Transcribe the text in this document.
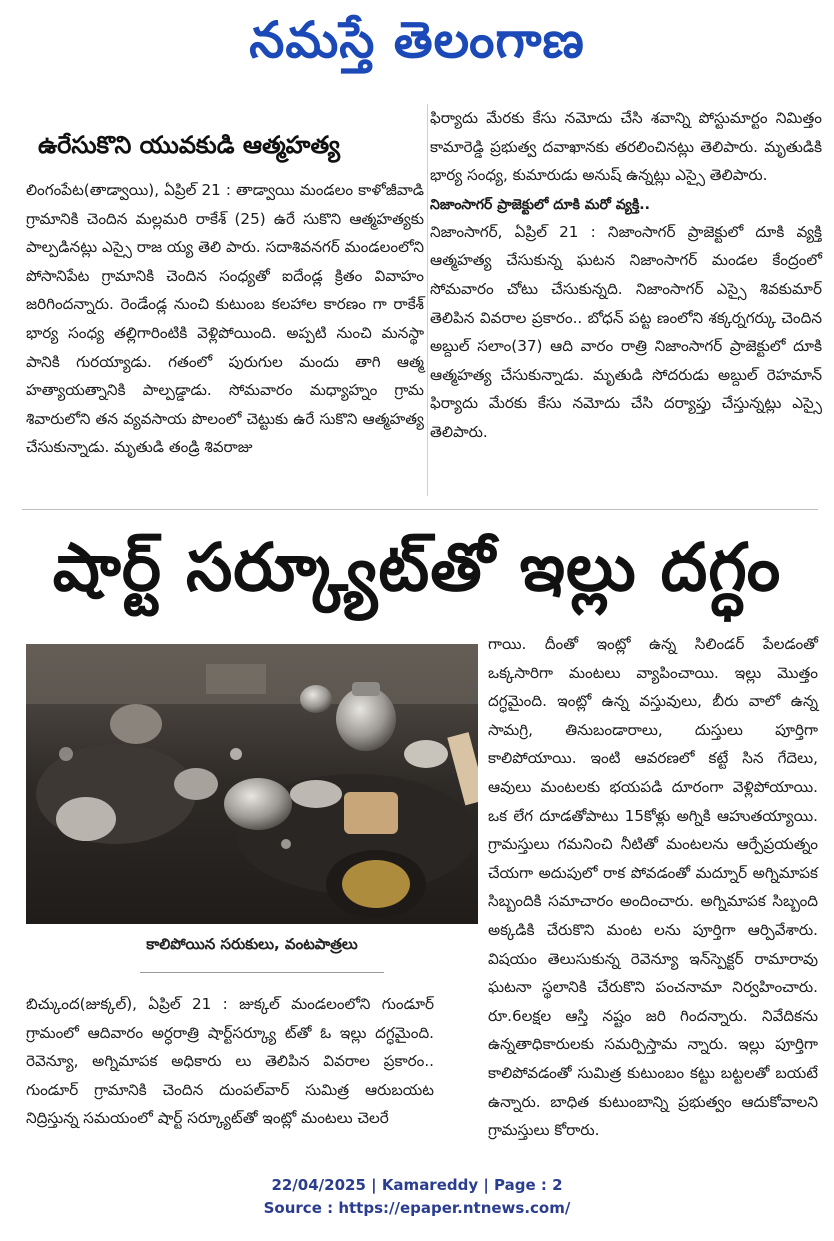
నమస్తే తెలంగాణ
ఉరేసుకొని యువకుడి ఆత్మహత్య

లింగంపేట(తాడ్వాయి), ఏప్రిల్ 21 : తాడ్వాయి మండలం కాళోజీవాడి గ్రామానికి చెందిన మల్లమరి రాకేశ్ (25) ఉరే సుకొని ఆత్మహత్యకు పాల్పడినట్లు ఎస్సై రాజ య్య తెలి పారు. సదాశివనగర్ మండలంలోని పోసానిపేట గ్రామానికి చెందిన సంధ్యతో ఐదేండ్ల క్రితం వివాహం జరిగిందన్నారు. రెండేండ్ల నుంచి కుటుంబ కలహాల కారణం గా రాకేశ్ భార్య సంధ్య తల్లిగారింటికి వెళ్లిపోయింది. అప్పటి నుంచి మనస్థా పానికి గురయ్యాడు. గతంలో పురుగుల మందు తాగి ఆత్మ హత్యాయత్నానికి పాల్పడ్డాడు. సోమవారం మధ్యాహ్నం గ్రామ శివారులోని తన వ్యవసాయ పొలంలో చెట్టుకు ఉరే సుకొని ఆత్మహత్య చేసుకున్నాడు. మృతుడి తండ్రి శివరాజు

ఫిర్యాదు మేరకు కేసు నమోదు చేసి శవాన్ని పోస్టుమార్టం నిమిత్తం కామారెడ్డి ప్రభుత్వ దవాఖానకు తరలించినట్లు తెలిపారు. మృతుడికి భార్య సంధ్య, కుమారుడు అనుష్ ఉన్నట్లు ఎస్సై తెలిపారు.

నిజాంసాగర్ ప్రాజెక్టులో దూకి మరో వ్యక్తి..

నిజాంసాగర్, ఏప్రిల్ 21 : నిజాంసాగర్ ప్రాజెక్టులో దూకి వ్యక్తి ఆత్మహత్య చేసుకున్న ఘటన నిజాంసాగర్ మండల కేంద్రంలో సోమవారం చోటు చేసుకున్నది. నిజాంసాగర్ ఎస్సై శివకుమార్ తెలిపిన వివరాల ప్రకారం.. బోధన్ పట్ట ణంలోని శక్కర్నగర్కు చెందిన అబ్దుల్ సలాం(37) ఆది వారం రాత్రి నిజాంసాగర్ ప్రాజెక్టులో దూకి ఆత్మహత్య చేసుకున్నాడు. మృతుడి సోదరుడు అబ్దుల్ రెహమాన్ ఫిర్యాదు మేరకు కేసు నమోదు చేసి దర్యాప్తు చేస్తున్నట్లు ఎస్సై తెలిపారు.

షార్ట్ సర్క్యూట్‌తో ఇల్లు దగ్ధం
కాలిపోయిన సరుకులు, వంటపాత్రలు

గాయి. దీంతో ఇంట్లో ఉన్న సిలిండర్ పేలడంతో ఒక్కసారిగా మంటలు వ్యాపించాయి. ఇల్లు మొత్తం దగ్ధమైంది. ఇంట్లో ఉన్న వస్తువులు, బీరు వాలో ఉన్న సామగ్రి, తినుబండారాలు, దుస్తులు పూర్తిగా కాలిపోయాయి. ఇంటి ఆవరణలో కట్టే సిన గేదెలు, ఆవులు మంటలకు భయపడి దూరంగా వెళ్లిపోయాయి. ఒక లేగ దూడతోపాటు 15కోళ్లు అగ్నికి ఆహుతయ్యాయి. గ్రామస్తులు గమనించి నీటితో మంటలను ఆర్పేప్రయత్నం చేయగా అదుపులో రాక పోవడంతో మద్నూర్ అగ్నిమాపక సిబ్బందికి సమాచారం అందించారు. అగ్నిమాపక సిబ్బంది అక్కడికి చేరుకొని మంట లను పూర్తిగా ఆర్పివేశారు. విషయం తెలుసుకున్న రెవెన్యూ ఇన్‌స్పెక్టర్ రామారావు ఘటనా స్థలానికి చేరుకొని పంచనామా నిర్వహించారు. రూ.6లక్షల ఆస్తి నష్టం జరి గిందన్నారు. నివేదికను ఉన్నతాధికారులకు సమర్పిస్తామ న్నారు. ఇల్లు పూర్తిగా కాలిపోవడంతో సుమిత్ర కుటుంబం కట్టు బట్టలతో బయటే ఉన్నారు. బాధిత కుటుంబాన్ని ప్రభుత్వం ఆదుకోవాలని గ్రామస్తులు కోరారు.

బిచ్కుంద(జుక్కల్), ఏప్రిల్ 21 : జుక్కల్ మండలంలోని గుండూర్ గ్రామంలో ఆదివారం అర్ధరాత్రి షార్ట్‌సర్క్యూ ట్‌తో ఓ ఇల్లు దగ్ధమైంది. రెవెన్యూ, అగ్నిమాపక అధికారు లు తెలిపిన వివరాల ప్రకారం.. గుండూర్ గ్రామానికి చెందిన దుంపల్‌వార్ సుమిత్ర ఆరుబయట నిద్రిస్తున్న సమయంలో షార్ట్ సర్క్యూట్‌తో ఇంట్లో మంటలు చెలరే

22/04/2025 | Kamareddy | Page : 2
Source : https://epaper.ntnews.com/
